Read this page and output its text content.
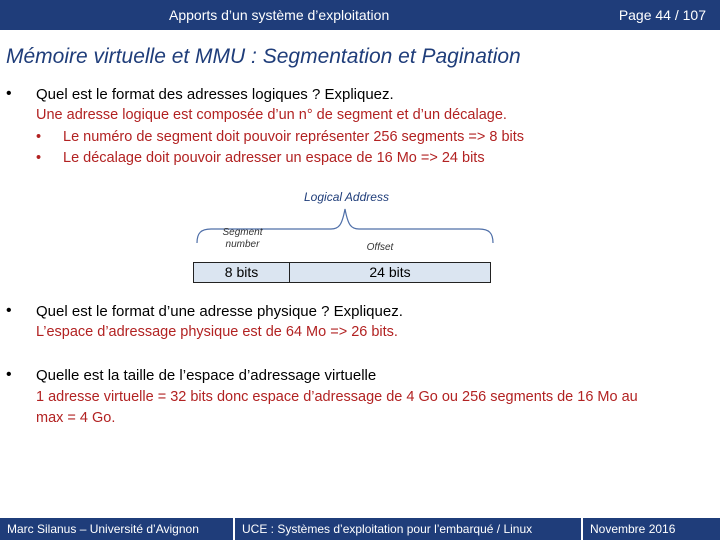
Apports d’un système d’exploitation	Page 44 / 107
Mémoire virtuelle et MMU : Segmentation et Pagination
• Quel est le format des adresses logiques ? Expliquez.
Une adresse logique est composée d’un n° de segment et d’un décalage.
• Le numéro de segment doit pouvoir représenter 256 segments => 8 bits
• Le décalage doit pouvoir adresser un espace de 16 Mo => 24 bits
Logical Address
Segment
number	Offset
8 bits	24 bits
• Quel est le format d’une adresse physique ? Expliquez.
L’espace d’adressage physique est de 64 Mo => 26 bits.
• Quelle est la taille de l’espace d’adressage virtuelle
1 adresse virtuelle = 32 bits donc espace d’adressage de 4 Go ou 256 segments de 16 Mo au
max = 4 Go.
Marc Silanus – Université d’Avignon	UCE : Systèmes d’exploitation pour l’embarqué / Linux	Novembre 2016
